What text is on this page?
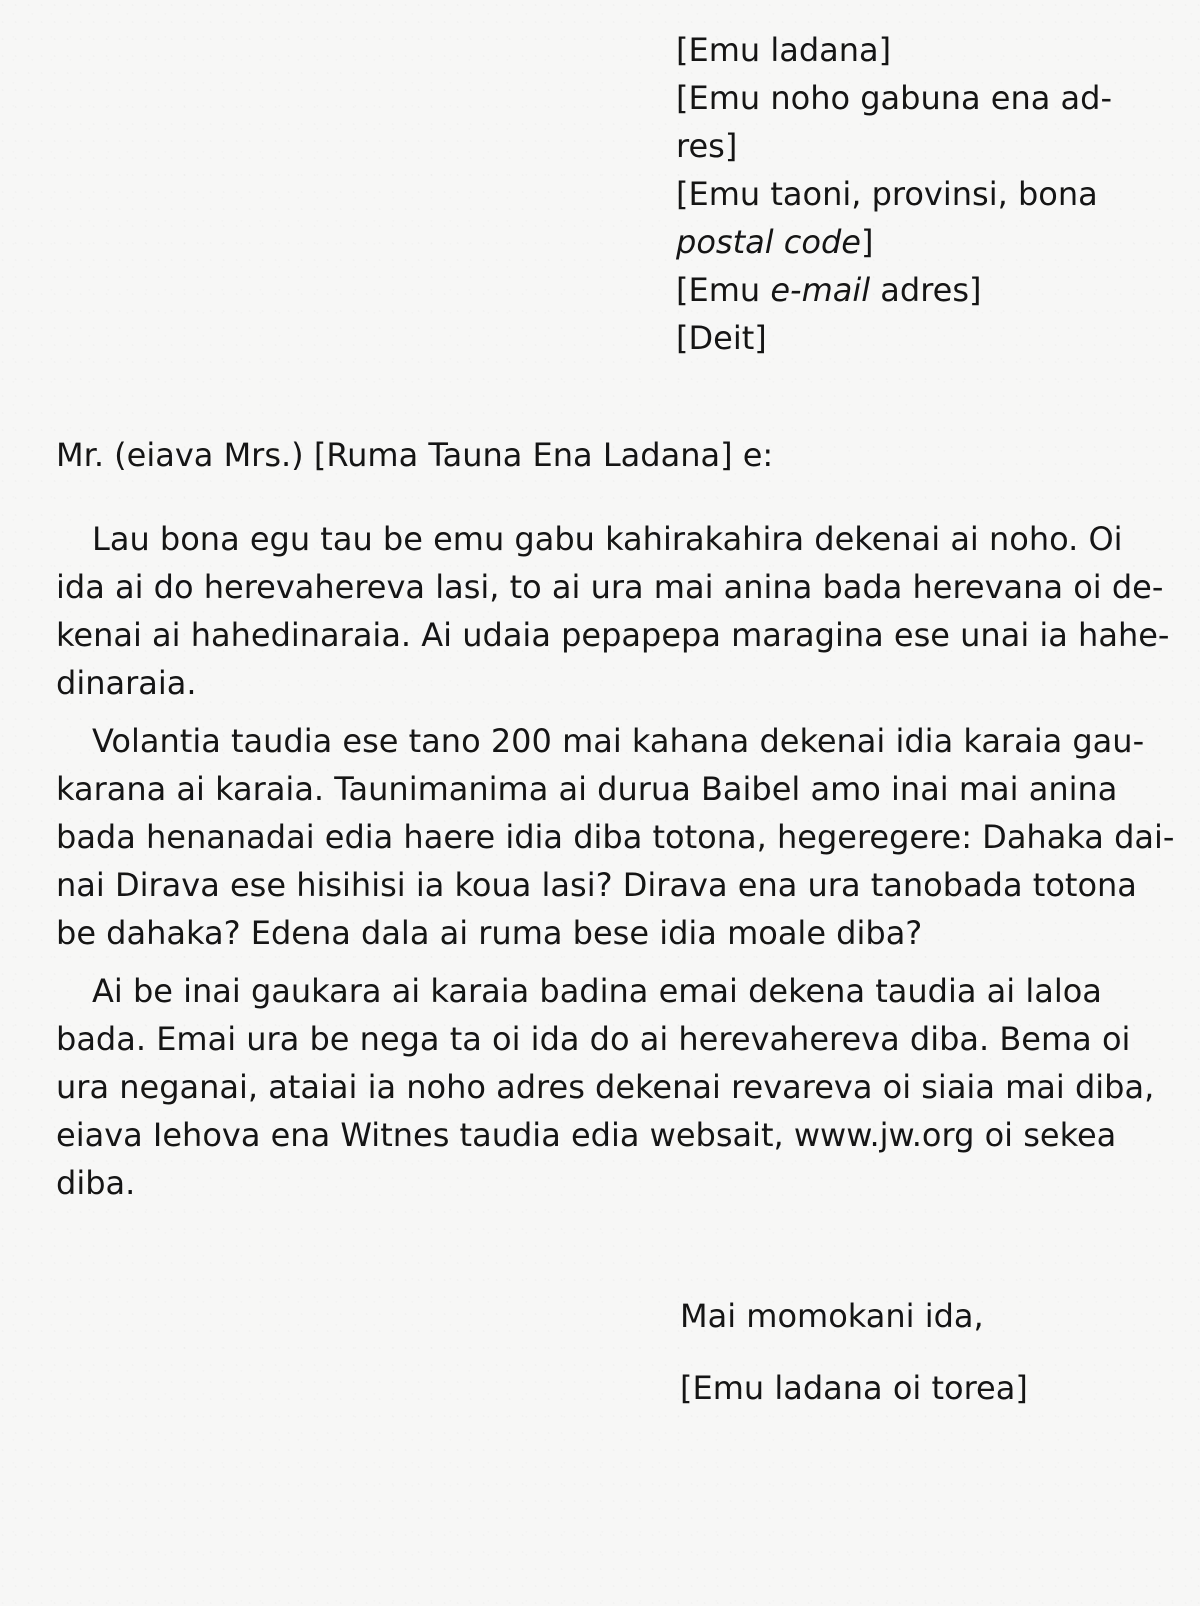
[Emu ladana]
[Emu noho gabuna ena ad-
res]
[Emu taoni, provinsi, bona
postal code]
[Emu e-mail adres]
[Deit]
Mr. (eiava Mrs.) [Ruma Tauna Ena Ladana] e:

Lau bona egu tau be emu gabu kahirakahira dekenai ai noho. Oi
ida ai do herevahereva lasi, to ai ura mai anina bada herevana oi de-
kenai ai hahedinaraia. Ai udaia pepapepa maragina ese unai ia hahe-
dinaraia.

Volantia taudia ese tano 200 mai kahana dekenai idia karaia gau-
karana ai karaia. Taunimanima ai durua Baibel amo inai mai anina
bada henanadai edia haere idia diba totona, hegeregere: Dahaka dai-
nai Dirava ese hisihisi ia koua lasi? Dirava ena ura tanobada totona
be dahaka? Edena dala ai ruma bese idia moale diba?

Ai be inai gaukara ai karaia badina emai dekena taudia ai laloa
bada. Emai ura be nega ta oi ida do ai herevahereva diba. Bema oi
ura neganai, ataiai ia noho adres dekenai revareva oi siaia mai diba,
eiava Iehova ena Witnes taudia edia websait, www.jw.org oi sekea
diba.

Mai momokani ida,
[Emu ladana oi torea]
